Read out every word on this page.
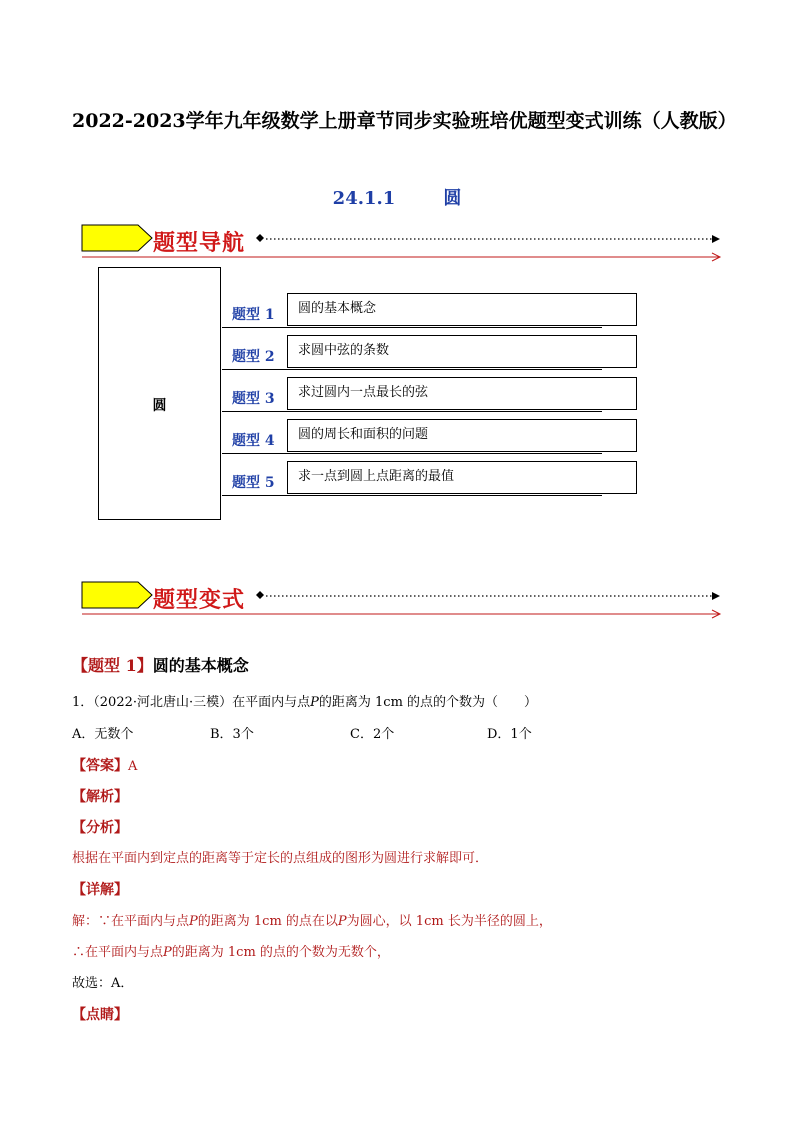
2022-2023学年九年级数学上册章节同步实验班培优题型变式训练（人教版）
24.1.1	圆
题型导航
圆
题型 1	圆的基本概念
题型 2	求圆中弦的条数
题型 3	求过圆内一点最长的弦
题型 4	圆的周长和面积的问题
题型 5	求一点到圆上点距离的最值
题型变式
【题型 1】圆的基本概念
1．（2022·河北唐山·三模）在平面内与点P的距离为 1cm 的点的个数为（　　）
A．无数个	B．3个	C．2个	D．1个
【答案】A
【解析】
【分析】
根据在平面内到定点的距离等于定长的点组成的图形为圆进行求解即可．
【详解】
解：∵在平面内与点P的距离为 1cm 的点在以P为圆心，以 1cm 长为半径的圆上，
∴在平面内与点P的距离为 1cm 的点的个数为无数个，
故选：A．
【点睛】
